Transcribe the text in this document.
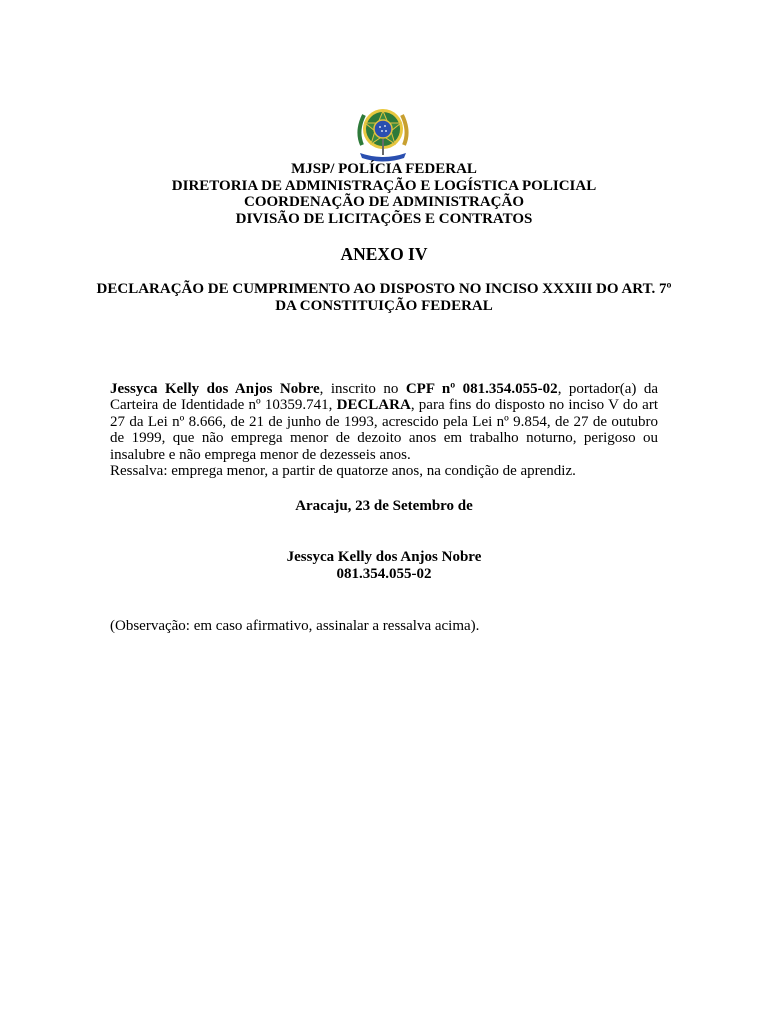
MJSP/ POLÍCIA FEDERAL
DIRETORIA DE ADMINISTRAÇÃO E LOGÍSTICA POLICIAL
COORDENAÇÃO DE ADMINISTRAÇÃO
DIVISÃO DE LICITAÇÕES E CONTRATOS
ANEXO IV
DECLARAÇÃO DE CUMPRIMENTO AO DISPOSTO NO INCISO XXXIII DO ART. 7º DA CONSTITUIÇÃO FEDERAL

Jessyca Kelly dos Anjos Nobre, inscrito no CPF nº 081.354.055-02, portador(a) da Carteira de Identidade nº 10359.741, DECLARA, para fins do disposto no inciso V do art 27 da Lei nº 8.666, de 21 de junho de 1993, acrescido pela Lei nº 9.854, de 27 de outubro de 1999, que não emprega menor de dezoito anos em trabalho noturno, perigoso ou insalubre e não emprega menor de dezesseis anos.

Ressalva: emprega menor, a partir de quatorze anos, na condição de aprendiz.

Aracaju, 23 de Setembro de
Jessyca Kelly dos Anjos Nobre
081.354.055-02
(Observação: em caso afirmativo, assinalar a ressalva acima).
